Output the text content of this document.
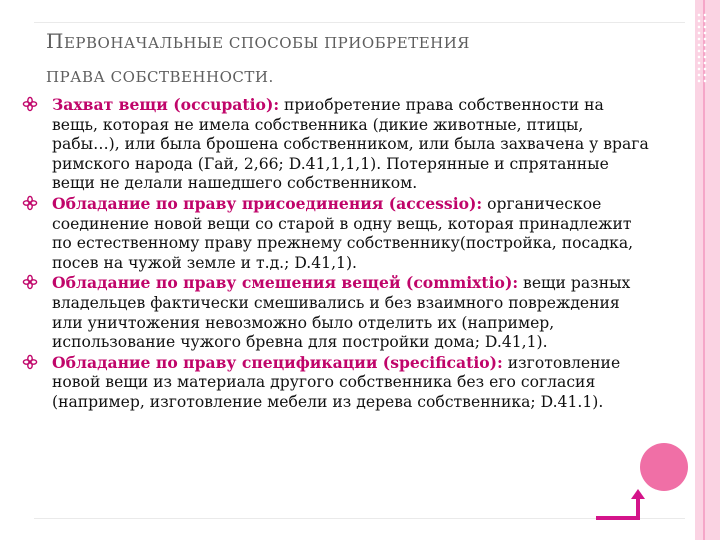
ПЕРВОНАЧАЛЬНЫЕ СПОСОБЫ ПРИОБРЕТЕНИЯ
ПРАВА СОБСТВЕННОСТИ.
Захват вещи (occupatio): приобретение права собственности на вещь, которая не имела собственника (дикие животные, птицы, рабы…), или была брошена собственником, или была захвачена у врага римского народа (Гай, 2,66; D.41,1,1,1). Потерянные и спрятанные вещи не делали нашедшего собственником.
Обладание по праву присоединения (accessio): органическое соединение новой вещи со старой в одну вещь, которая принадлежит по естественному праву прежнему собственнику(постройка, посадка, посев на чужой земле и т.д.; D.41,1).
Обладание по праву смешения вещей (commixtio): вещи разных владельцев фактически смешивались и без взаимного повреждения или уничтожения невозможно было отделить их (например, использование чужого бревна для постройки дома; D.41,1).
Обладание по праву спецификации (specificatio): изготовление новой вещи из материала другого собственника без его согласия (например, изготовление мебели из дерева собственника; D.41.1).
